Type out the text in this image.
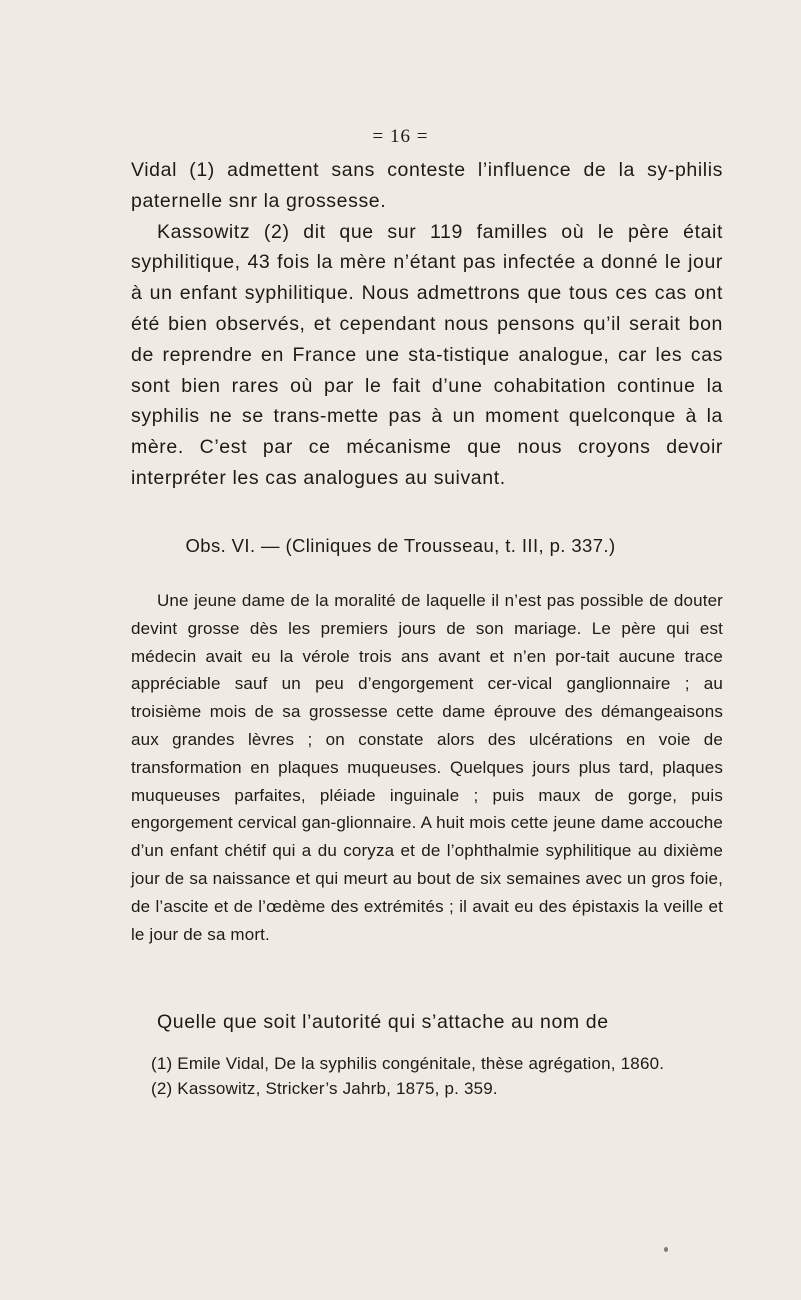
= 16 =

Vidal (1) admettent sans conteste l’influence de la sy-philis paternelle snr la grossesse.

Kassowitz (2) dit que sur 119 familles où le père était syphilitique, 43 fois la mère n’étant pas infectée a donné le jour à un enfant syphilitique. Nous admettrons que tous ces cas ont été bien observés, et cependant nous pensons qu’il serait bon de reprendre en France une sta-tistique analogue, car les cas sont bien rares où par le fait d’une cohabitation continue la syphilis ne se trans-mette pas à un moment quelconque à la mère. C’est par ce mécanisme que nous croyons devoir interpréter les cas analogues au suivant.

Obs. VI. — (Cliniques de Trousseau, t. III, p. 337.)

Une jeune dame de la moralité de laquelle il n’est pas possible de douter devint grosse dès les premiers jours de son mariage. Le père qui est médecin avait eu la vérole trois ans avant et n’en por-tait aucune trace appréciable sauf un peu d’engorgement cer-vical ganglionnaire ; au troisième mois de sa grossesse cette dame éprouve des démangeaisons aux grandes lèvres ; on constate alors des ulcérations en voie de transformation en plaques muqueuses. Quelques jours plus tard, plaques muqueuses parfaites, pléiade inguinale ; puis maux de gorge, puis engorgement cervical gan-glionnaire. A huit mois cette jeune dame accouche d’un enfant chétif qui a du coryza et de l’ophthalmie syphilitique au dixième jour de sa naissance et qui meurt au bout de six semaines avec un gros foie, de l’ascite et de l’œdème des extrémités ; il avait eu des épistaxis la veille et le jour de sa mort.

Quelle que soit l’autorité qui s’attache au nom de

(1) Emile Vidal, De la syphilis congénitale, thèse agrégation, 1860.

(2) Kassowitz, Stricker’s Jahrb, 1875, p. 359.
